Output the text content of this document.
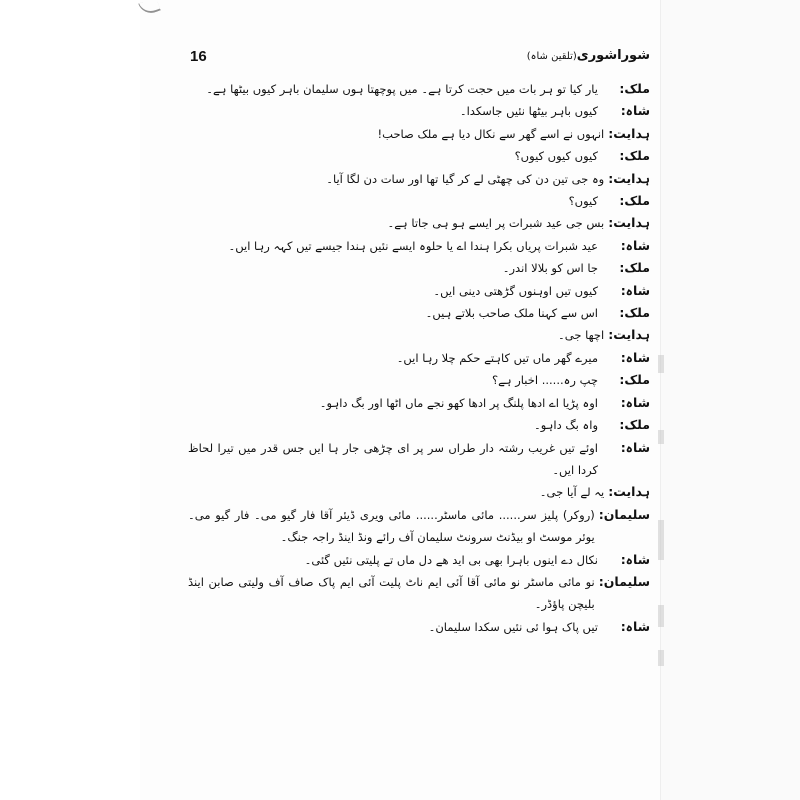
16	شوراشوری(تلقین شاہ)
ملک:
یار کیا تو ہر بات میں حجت کرتا ہے۔ میں پوچھتا ہوں سلیمان باہر کیوں بیٹھا ہے۔
شاہ:
کیوں باہر بیٹھا نئیں جاسکدا۔
ہدایت:
انہوں نے اسے گھر سے نکال دیا ہے ملک صاحب!
ملک:
کیوں کیوں کیوں؟
ہدایت:
وہ جی تین دن کی چھٹی لے کر گیا تھا اور سات دن لگا آیا۔
ملک:
کیوں؟
ہدایت:
بس جی عید شبرات پر ایسے ہو ہی جاتا ہے۔
شاہ:
عید شبرات پریاں بکرا ہندا اے یا حلوہ ایسے نئیں ہندا جیسے تیں کہہ رہا ایں۔
ملک:
جا اس کو بلالا اندر۔
شاہ:
کیوں تیں اوہنوں گڑھتی دینی ایں۔
ملک:
اس سے کہنا ملک صاحب بلاتے ہیں۔
ہدایت:
اچھا جی۔
شاہ:
میرے گھر ماں تیں کاہتے حکم چلا رہا ایں۔
ملک:
چپ رہ...... اخبار ہے؟
شاہ:
اوہ پڑیا اے ادھا پلنگ پر ادھا کھو نجے ماں اٹھا اور بگ داہو۔
ملک:
واہ بگ داہو۔
شاہ:
اوئے تیں غریب رشتہ دار طراں سر پر ای چڑھی جار ہا ایں جس قدر میں تیرا لحاظ کردا ایں۔
ہدایت:
یہ لے آیا جی۔
سلیمان:
(روکر) پلیز سر...... مائی ماسٹر...... مائی ویری ڈیئر آقا فار گیو می۔ فار گیو می۔ یوئر موسٹ او بیڈنٹ سرونٹ سلیمان آف رائے ونڈ اینڈ راجہ جنگ۔
شاہ:
نکال دے اینوں باہرا بھی بی اید ھے دل ماں تے پلیتی نئیں گئی۔
سلیمان:
نو مائی ماسٹر نو مائی آقا آئی ایم ناٹ پلیت آئی ایم پاک صاف آف ولیتی صابن اینڈ بلیچن پاؤڈر۔
شاہ:
تیں پاک ہوا ئی نئیں سکدا سلیمان۔
